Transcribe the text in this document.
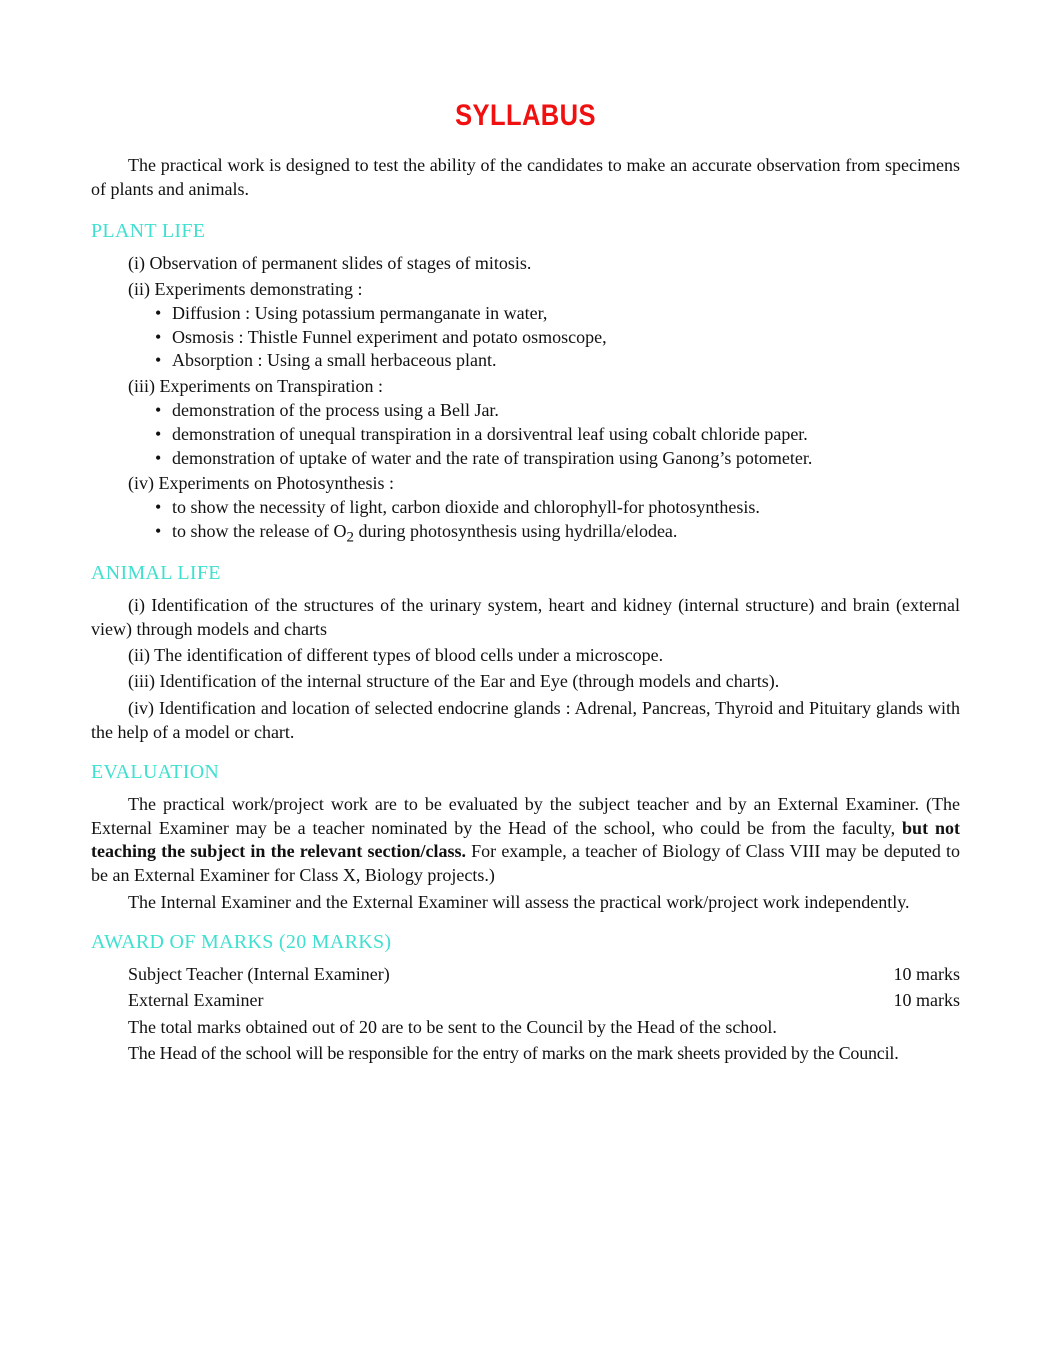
SYLLABUS
The practical work is designed to test the ability of the candidates to make an accurate observation from specimens of plants and animals.
PLANT LIFE
(i) Observation of permanent slides of stages of mitosis.
(ii) Experiments demonstrating :
• Diffusion : Using potassium permanganate in water,
• Osmosis : Thistle Funnel experiment and potato osmoscope,
• Absorption : Using a small herbaceous plant.
(iii) Experiments on Transpiration :
• demonstration of the process using a Bell Jar.
• demonstration of unequal transpiration in a dorsiventral leaf using cobalt chloride paper.
• demonstration of uptake of water and the rate of transpiration using Ganong’s potometer.
(iv) Experiments on Photosynthesis :
• to show the necessity of light, carbon dioxide and chlorophyll-for photosynthesis.
• to show the release of $O_2$ during photosynthesis using hydrilla/elodea.
ANIMAL LIFE
(i) Identification of the structures of the urinary system, heart and kidney (internal structure) and brain (external view) through models and charts
(ii) The identification of different types of blood cells under a microscope.
(iii) Identification of the internal structure of the Ear and Eye (through models and charts).
(iv) Identification and location of selected endocrine glands : Adrenal, Pancreas, Thyroid and Pituitary glands with the help of a model or chart.
EVALUATION
The practical work/project work are to be evaluated by the subject teacher and by an External Examiner. (The External Examiner may be a teacher nominated by the Head of the school, who could be from the faculty, but not teaching the subject in the relevant section/class. For example, a teacher of Biology of Class VIII may be deputed to be an External Examiner for Class X, Biology projects.)
The Internal Examiner and the External Examiner will assess the practical work/project work independently.
AWARD OF MARKS (20 MARKS)
Subject Teacher (Internal Examiner)	10 marks
External Examiner	10 marks
The total marks obtained out of 20 are to be sent to the Council by the Head of the school.
The Head of the school will be responsible for the entry of marks on the mark sheets provided by the Council.
